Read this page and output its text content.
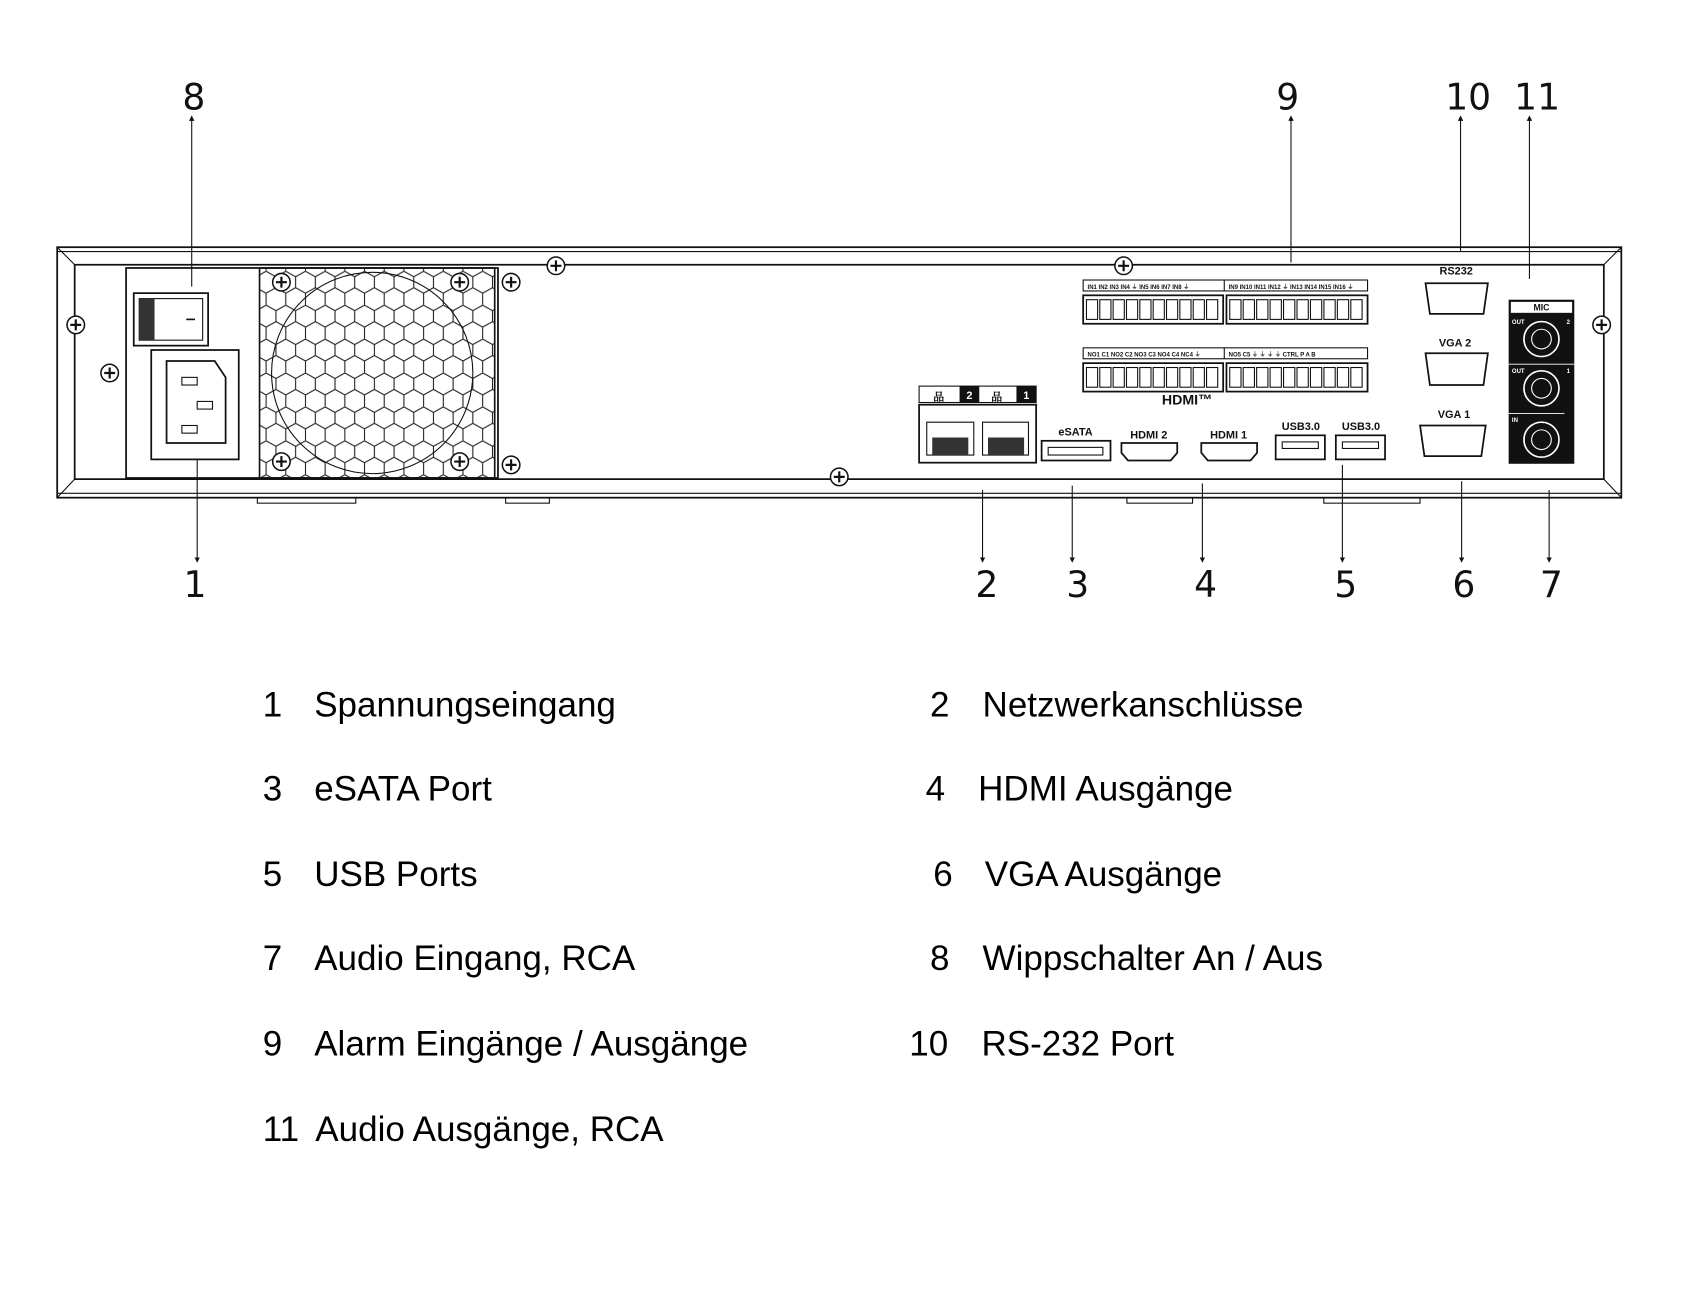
IN1 IN2 IN3 IN4 ⏚ IN5 IN6 IN7 IN8 ⏚	IN9 IN10 IN11 IN12 ⏚ IN13 IN14 IN15 IN16 ⏚
NO1 C1 NO2 C2 NO3 C3 NO4 C4 NC4 ⏚	NO5 C5 ⏚ ⏚ ⏚ ⏚ CTRL P A B
HDMI™
2	1
品	品
eSATA	HDMI 2	HDMI 1
USB3.0 USB3.0
RS232
VGA 2
VGA 1
MIC
OUT	2
OUT	1
IN
8	9	10 11
1	2 3	4	5	6 7
1 Spannungseingang	2 Netzwerkanschlüsse
3 eSATA Port	4 HDMI Ausgänge
5 USB Ports	6 VGA Ausgänge
7 Audio Eingang, RCA	8 Wippschalter An / Aus
9 Alarm Eingänge / Ausgänge	10 RS-232 Port
11 Audio Ausgänge, RCA
